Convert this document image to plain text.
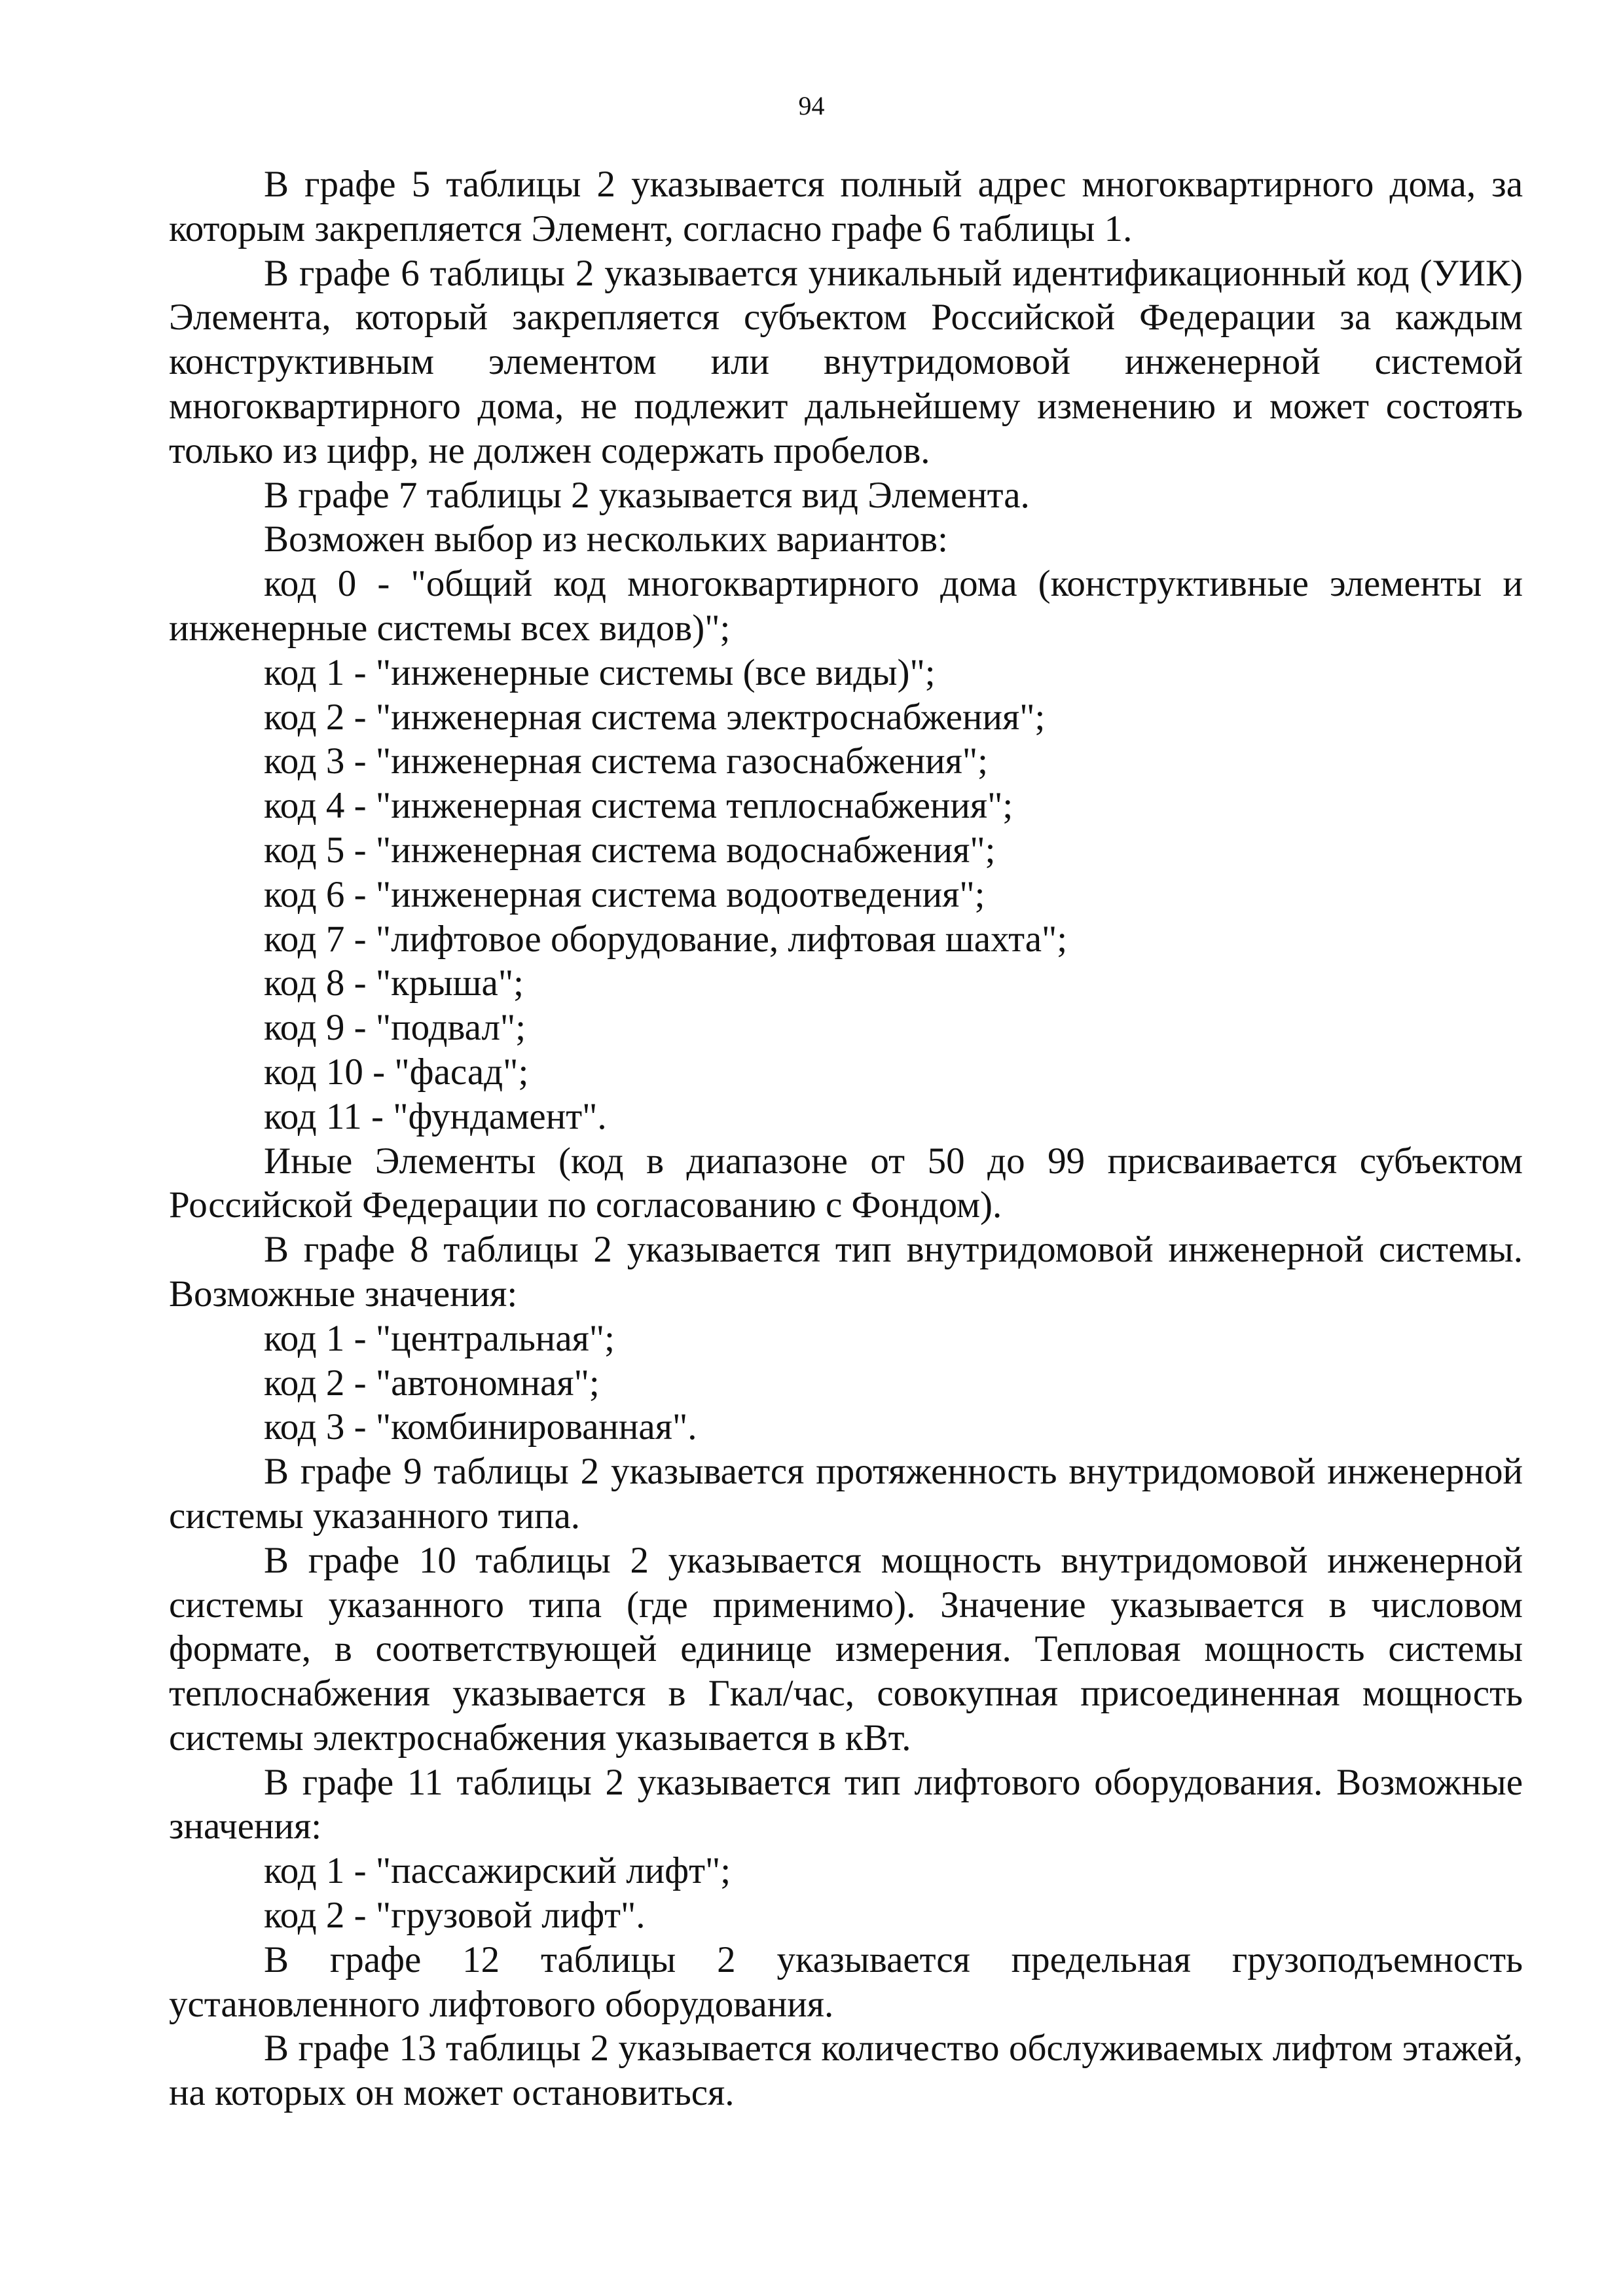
94

В графе 5 таблицы 2 указывается полный адрес многоквартирного дома, за которым закрепляется Элемент, согласно графе 6 таблицы 1.

В графе 6 таблицы 2 указывается уникальный идентификационный код (УИК) Элемента, который закрепляется субъектом Российской Федерации за каждым конструктивным элементом или внутридомовой инженерной системой многоквартирного дома, не подлежит дальнейшему изменению и может состоять только из цифр, не должен содержать пробелов.

В графе 7 таблицы 2 указывается вид Элемента.

Возможен выбор из нескольких вариантов:

код 0 - "общий код многоквартирного дома (конструктивные элементы и инженерные системы всех видов)";

код 1 - "инженерные системы (все виды)";

код 2 - "инженерная система электроснабжения";

код 3 - "инженерная система газоснабжения";

код 4 - "инженерная система теплоснабжения";

код 5 - "инженерная система водоснабжения";

код 6 - "инженерная система водоотведения";

код 7 - "лифтовое оборудование, лифтовая шахта";

код 8 - "крыша";

код 9 - "подвал";

код 10 - "фасад";

код 11 - "фундамент".

Иные Элементы (код в диапазоне от 50 до 99 присваивается субъектом Российской Федерации по согласованию с Фондом).

В графе 8 таблицы 2 указывается тип внутридомовой инженерной системы. Возможные значения:

код 1 - "центральная";

код 2 - "автономная";

код 3 - "комбинированная".

В графе 9 таблицы 2 указывается протяженность внутридомовой инженерной системы указанного типа.

В графе 10 таблицы 2 указывается мощность внутридомовой инженерной системы указанного типа (где применимо). Значение указывается в числовом формате, в соответствующей единице измерения. Тепловая мощность системы теплоснабжения указывается в Гкал/час, совокупная присоединенная мощность системы электроснабжения указывается в кВт.

В графе 11 таблицы 2 указывается тип лифтового оборудования. Возможные значения:

код 1 - "пассажирский лифт";

код 2 - "грузовой лифт".

В графе 12 таблицы 2 указывается предельная грузоподъемность установленного лифтового оборудования.

В графе 13 таблицы 2 указывается количество обслуживаемых лифтом этажей, на которых он может остановиться.
